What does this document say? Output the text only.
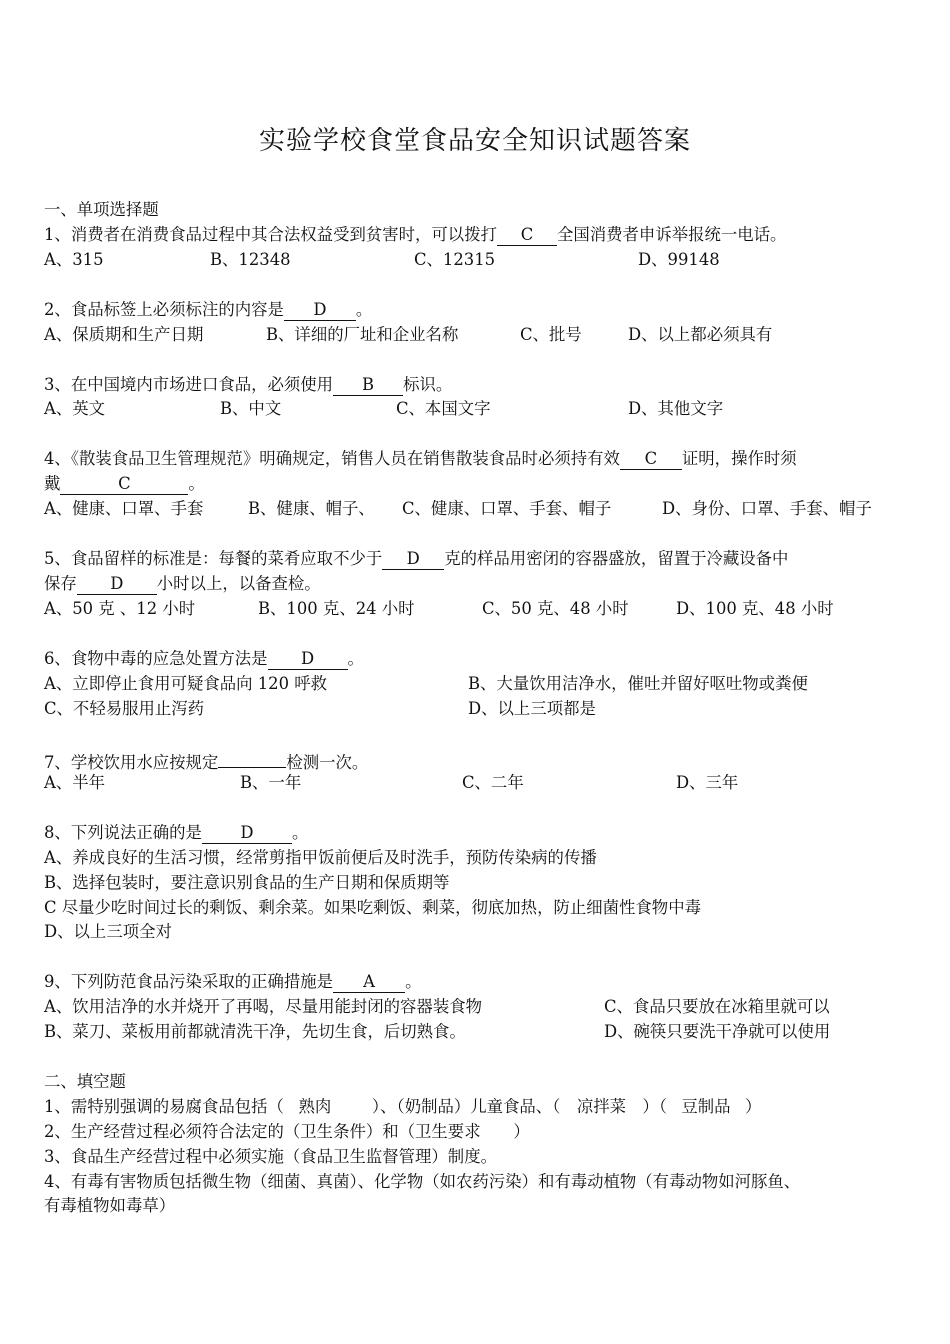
实验学校食堂食品安全知识试题答案
一、单项选择题
1、消费者在消费食品过程中其合法权益受到贫害时，可以拨打 C 全国消费者申诉举报统一电话。
A、315	B、12348	C、12315	D、99148
2、食品标签上必须标注的内容是 D 。
A、保质期和生产日期	B、详细的厂址和企业名称	C、批号	D、以上都必须具有
3、在中国境内市场进口食品，必须使用 B 标识。
A、英文	B、中文	C、本国文字	D、其他文字
4、《散装食品卫生管理规范》明确规定，销售人员在销售散装食品时必须持有效 C 证明，操作时须
戴	C	。
A、健康、口罩、手套	B、健康、帽子、 C、健康、口罩、手套、帽子	D、身份、口罩、手套、帽子
5、食品留样的标准是：每餐的菜肴应取不少于 D 克的样品用密闭的容器盛放，留置于冷藏设备中
保存 D 小时以上，以备查检。
A、50 克 、12 小时	B、100 克、24 小时	C、50 克、48 小时	D、100 克、48 小时
6、食物中毒的应急处置方法是 D 。
A、立即停止食用可疑食品向 120 呼救	B、大量饮用洁净水，催吐并留好呕吐物或粪便
C、不轻易服用止泻药	D、以上三项都是
7、学校饮用水应按规定	检测一次。
A、半年	B、一年	C、二年	D、三年
8、下列说法正确的是 D 。
A、养成良好的生活习惯，经常剪指甲饭前便后及时洗手，预防传染病的传播
B、选择包装时，要注意识别食品的生产日期和保质期等
C 尽量少吃时间过长的剩饭、剩余菜。如果吃剩饭、剩菜，彻底加热，防止细菌性食物中毒
D、以上三项全对
9、下列防范食品污染采取的正确措施是 A 。
A、饮用洁净的水并烧开了再喝，尽量用能封闭的容器装食物	C、食品只要放在冰箱里就可以
B、菜刀、菜板用前都就清洗干净，先切生食，后切熟食。	D、碗筷只要洗干净就可以使用
二、填空题
1、需特别强调的易腐食品包括（ 熟肉 ）、（奶制品）儿童食品、（ 凉拌菜 ）（ 豆制品 ）
2、生产经营过程必须符合法定的（卫生条件）和（卫生要求　　）
3、食品生产经营过程中必须实施（食品卫生监督管理）制度。
4、有毒有害物质包括微生物（细菌、真菌）、化学物（如农药污染）和有毒动植物（有毒动物如河豚鱼、
有毒植物如毒草）
